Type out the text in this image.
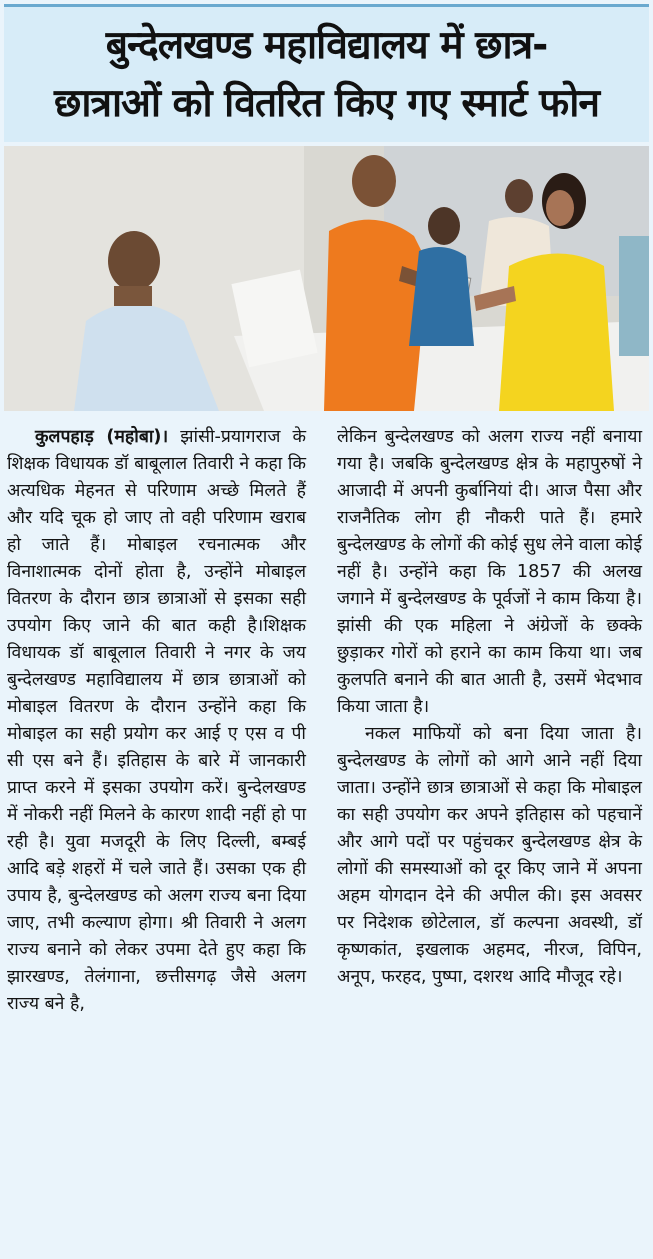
बुन्देलखण्ड महाविद्यालय में छात्र-
छात्राओं को वितरित किए गए स्मार्ट फोन

कुलपहाड़ (महोबा)। झांसी-प्रयागराज के शिक्षक विधायक डॉ बाबूलाल तिवारी ने कहा कि अत्यधिक मेहनत से परिणाम अच्छे मिलते हैं और यदि चूक हो जाए तो वही परिणाम खराब हो जाते हैं। मोबाइल रचनात्मक और विनाशात्मक दोनों होता है, उन्होंने मोबाइल वितरण के दौरान छात्र छात्राओं से इसका सही उपयोग किए जाने की बात कही है।शिक्षक विधायक डॉ बाबूलाल तिवारी ने नगर के जय बुन्देलखण्ड महाविद्यालय में छात्र छात्राओं को मोबाइल वितरण के दौरान उन्होंने कहा कि मोबाइल का सही प्रयोग कर आई ए एस व पी सी एस बने हैं। इतिहास के बारे में जानकारी प्राप्त करने में इसका उपयोग करें। बुन्देलखण्ड में नोकरी नहीं मिलने के कारण शादी नहीं हो पा रही है। युवा मजदूरी के लिए दिल्ली, बम्बई आदि बड़े शहरों में चले जाते हैं। उसका एक ही उपाय है, बुन्देलखण्ड को अलग राज्य बना दिया जाए, तभी कल्याण होगा। श्री तिवारी ने अलग राज्य बनाने को लेकर उपमा देते हुए कहा कि झारखण्ड, तेलंगाना, छत्तीसगढ़ जैसे अलग राज्य बने है,

लेकिन बुन्देलखण्ड को अलग राज्य नहीं बनाया गया है। जबकि बुन्देलखण्ड क्षेत्र के महापुरुषों ने आजादी में अपनी कुर्बानियां दी। आज पैसा और राजनैतिक लोग ही नौकरी पाते हैं। हमारे बुन्देलखण्ड के लोगों की कोई सुध लेने वाला कोई नहीं है। उन्होंने कहा कि 1857 की अलख जगाने में बुन्देलखण्ड के पूर्वजों ने काम किया है। झांसी की एक महिला ने अंग्रेजों के छक्के छुड़ाकर गोरों को हराने का काम किया था। जब कुलपति बनाने की बात आती है, उसमें भेदभाव किया जाता है।

नकल माफियों को बना दिया जाता है। बुन्देलखण्ड के लोगों को आगे आने नहीं दिया जाता। उन्होंने छात्र छात्राओं से कहा कि मोबाइल का सही उपयोग कर अपने इतिहास को पहचानें और आगे पदों पर पहुंचकर बुन्देलखण्ड क्षेत्र के लोगों की समस्याओं को दूर किए जाने में अपना अहम योगदान देने की अपील की। इस अवसर पर निदेशक छोटेलाल, डॉ कल्पना अवस्थी, डॉ कृष्णकांत, इखलाक अहमद, नीरज, विपिन, अनूप, फरहद, पुष्पा, दशरथ आदि मौजूद रहे।
